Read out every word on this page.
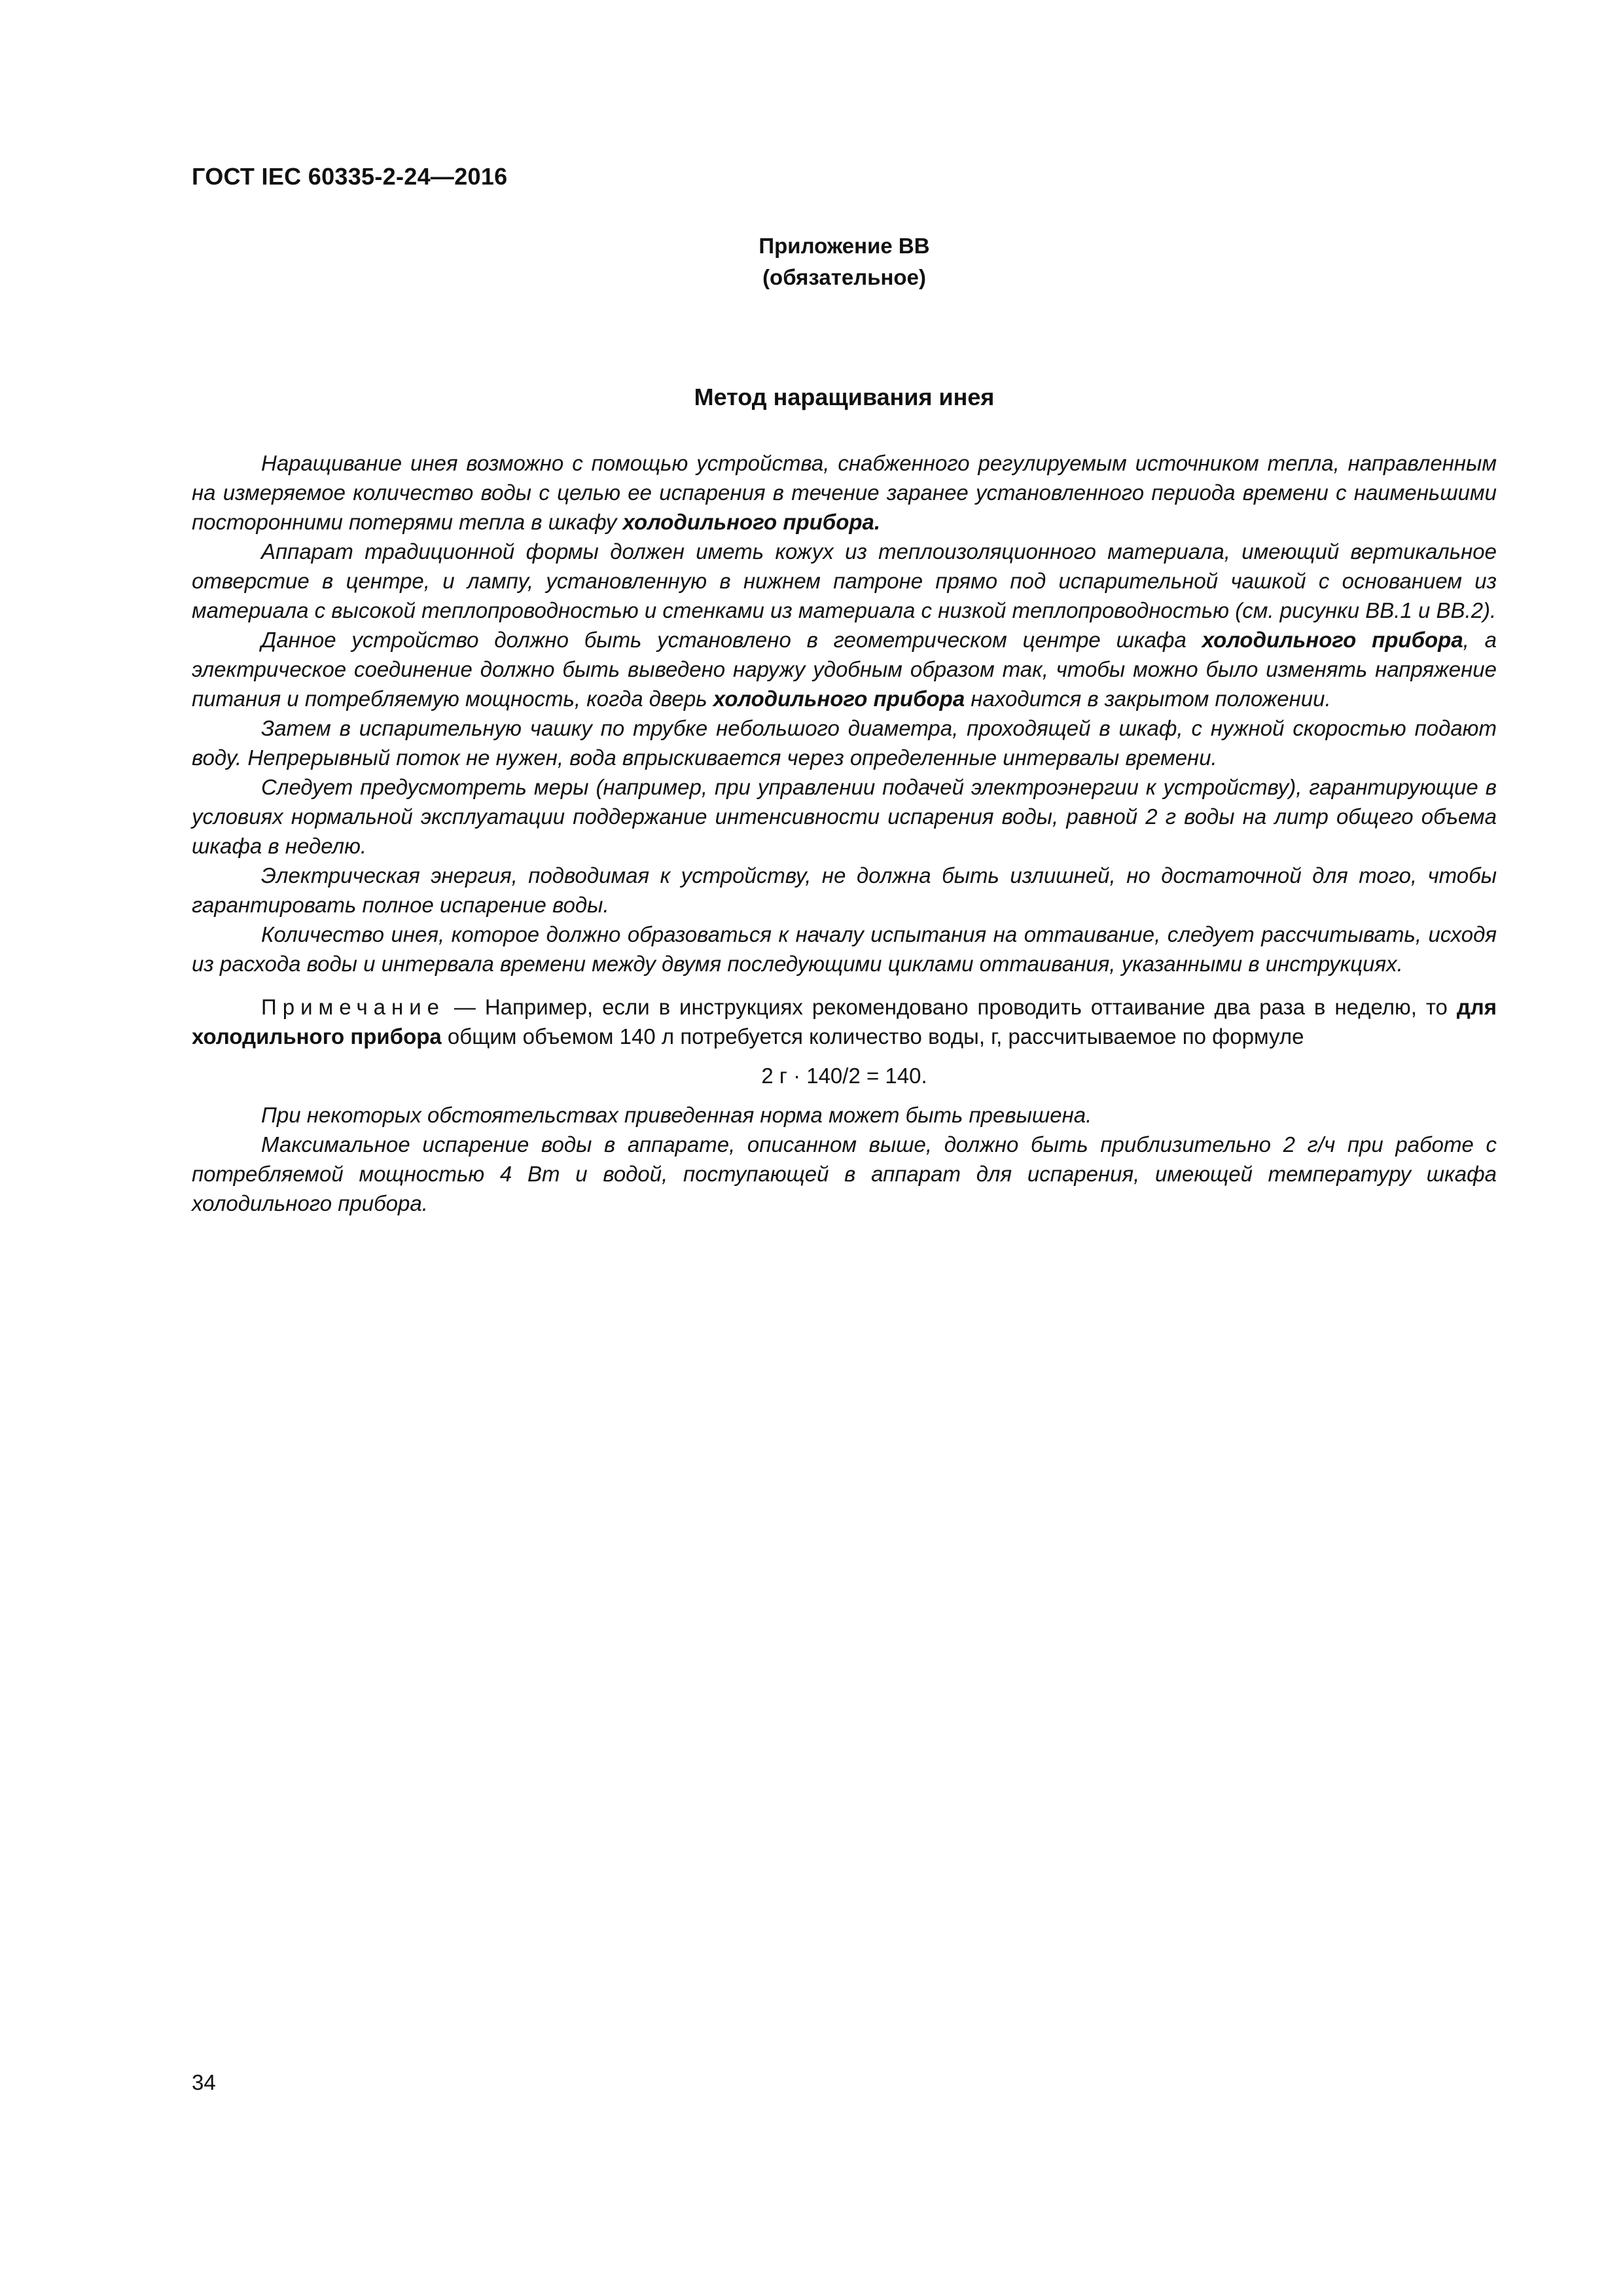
ГОСТ IEC 60335-2-24—2016
Приложение BB
(обязательное)
Метод наращивания инея

Наращивание инея возможно с помощью устройства, снабженного регулируемым источником тепла, направленным на измеряемое количество воды с целью ее испарения в течение заранее установленного периода времени с наименьшими посторонними потерями тепла в шкафу холодильного прибора.

Аппарат традиционной формы должен иметь кожух из теплоизоляционного материала, имеющий вертикальное отверстие в центре, и лампу, установленную в нижнем патроне прямо под испарительной чашкой с основанием из материала с высокой теплопроводностью и стенками из материала с низкой теплопроводностью (см. рисунки BB.1 и BB.2).

Данное устройство должно быть установлено в геометрическом центре шкафа холодильного прибора, а электрическое соединение должно быть выведено наружу удобным образом так, чтобы можно было изменять напряжение питания и потребляемую мощность, когда дверь холодильного прибора находится в закрытом положении.

Затем в испарительную чашку по трубке небольшого диаметра, проходящей в шкаф, с нужной скоростью подают воду. Непрерывный поток не нужен, вода впрыскивается через определенные интервалы времени.

Следует предусмотреть меры (например, при управлении подачей электроэнергии к устройству), гарантирующие в условиях нормальной эксплуатации поддержание интенсивности испарения воды, равной 2 г воды на литр общего объема шкафа в неделю.

Электрическая энергия, подводимая к устройству, не должна быть излишней, но достаточной для того, чтобы гарантировать полное испарение воды.

Количество инея, которое должно образоваться к началу испытания на оттаивание, следует рассчитывать, исходя из расхода воды и интервала времени между двумя последующими циклами оттаивания, указанными в инструкциях.

Примечание — Например, если в инструкциях рекомендовано проводить оттаивание два раза в неделю, то для холодильного прибора общим объемом 140 л потребуется количество воды, г, рассчитываемое по формуле

2 г · 140/2 = 140.

При некоторых обстоятельствах приведенная норма может быть превышена.

Максимальное испарение воды в аппарате, описанном выше, должно быть приблизительно 2 г/ч при работе с потребляемой мощностью 4 Вт и водой, поступающей в аппарат для испарения, имеющей температуру шкафа холодильного прибора.

34
